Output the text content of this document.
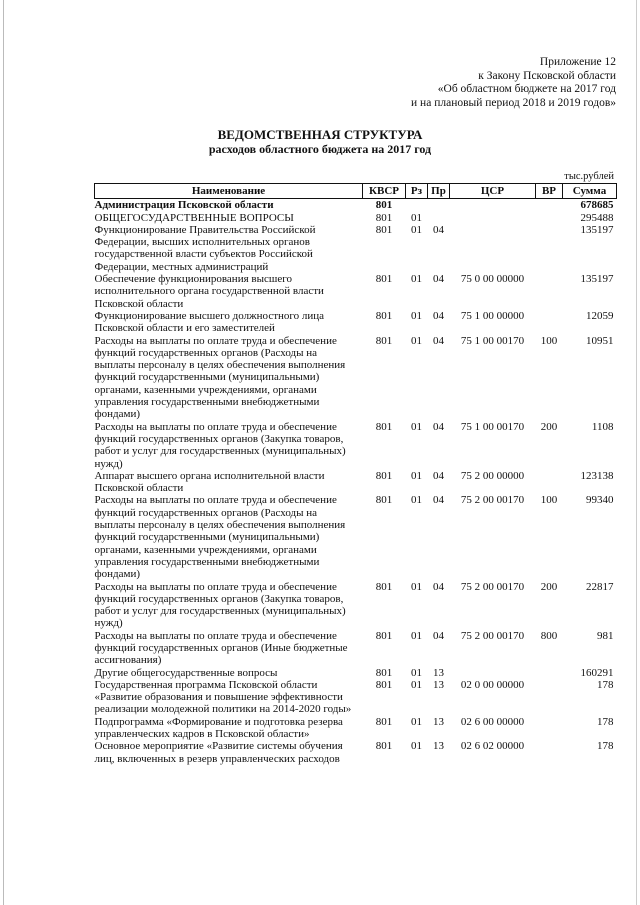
Приложение 12
к Закону Псковской области
«Об областном бюджете на 2017 год
и на плановый период 2018 и 2019 годов»
ВЕДОМСТВЕННАЯ СТРУКТУРА
расходов областного бюджета на 2017 год
тыс.рублей
Наименование	КВСР	Рз	Пр	ЦСР	ВР	Сумма
Администрация Псковской области	801					678685
ОБЩЕГОСУДАРСТВЕННЫЕ ВОПРОСЫ	801	01				295488
Функционирование Правительства Российской Федерации, высших исполнительных органов государственной власти субъектов Российской Федерации, местных администраций	801	01	04			135197
Обеспечение функционирования высшего исполнительного органа государственной власти Псковской области	801	01	04	75 0 00 00000		135197
Функционирование высшего должностного лица Псковской области и его заместителей	801	01	04	75 1 00 00000		12059
Расходы на выплаты по оплате труда и обеспечение функций государственных органов (Расходы на выплаты персоналу в целях обеспечения выполнения функций государственными (муниципальными) органами, казенными учреждениями, органами управления государственными внебюджетными фондами)	801	01	04	75 1 00 00170	100	10951
Расходы на выплаты по оплате труда и обеспечение функций государственных органов (Закупка товаров, работ и услуг для государственных (муниципальных) нужд)	801	01	04	75 1 00 00170	200	1108
Аппарат высшего органа исполнительной власти Псковской области	801	01	04	75 2 00 00000		123138
Расходы на выплаты по оплате труда и обеспечение функций государственных органов (Расходы на выплаты персоналу в целях обеспечения выполнения функций государственными (муниципальными) органами, казенными учреждениями, органами управления государственными внебюджетными фондами)	801	01	04	75 2 00 00170	100	99340
Расходы на выплаты по оплате труда и обеспечение функций государственных органов (Закупка товаров, работ и услуг для государственных (муниципальных) нужд)	801	01	04	75 2 00 00170	200	22817
Расходы на выплаты по оплате труда и обеспечение функций государственных органов (Иные бюджетные ассигнования)	801	01	04	75 2 00 00170	800	981
Другие общегосударственные вопросы	801	01	13			160291
Государственная программа Псковской области «Развитие образования и повышение эффективности реализации молодежной политики на 2014-2020 годы»	801	01	13	02 0 00 00000		178
Подпрограмма «Формирование и подготовка резерва управленческих кадров в Псковской области»	801	01	13	02 6 00 00000		178
Основное мероприятие «Развитие системы обучения лиц, включенных в резерв управленческих расходов	801	01	13	02 6 02 00000		178
